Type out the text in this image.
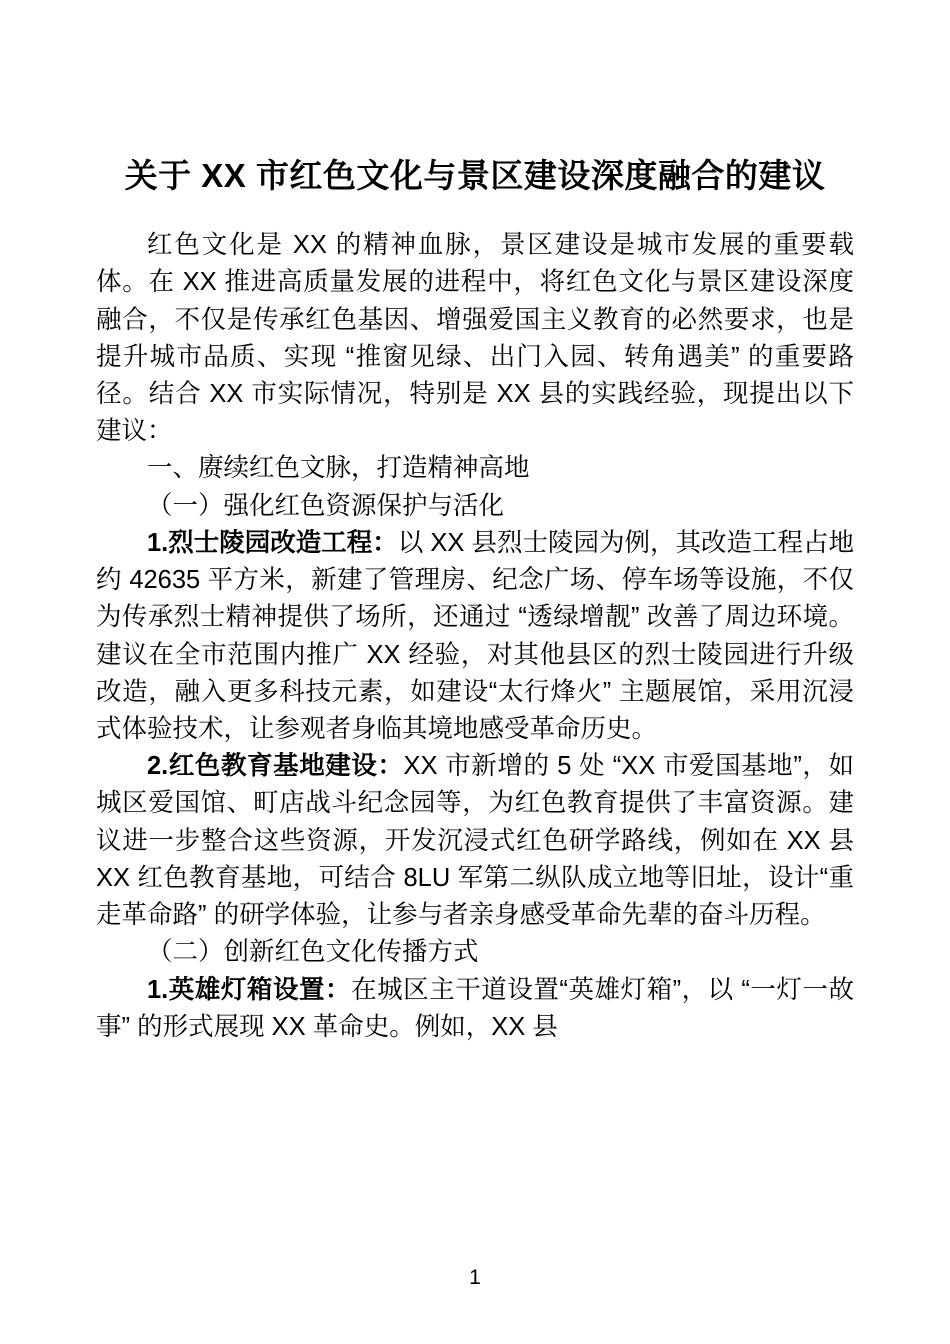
关于 XX 市红色文化与景区建设深度融合的建议

红色文化是 XX 的精神血脉，景区建设是城市发展的重要载体。在 XX 推进高质量发展的进程中，将红色文化与景区建设深度融合，不仅是传承红色基因、增强爱国主义教育的必然要求，也是提升城市品质、实现 “推窗见绿、出门入园、转角遇美” 的重要路径。结合 XX 市实际情况，特别是 XX 县的实践经验，现提出以下建议：

一、赓续红色文脉，打造精神高地

（一）强化红色资源保护与活化

1.烈士陵园改造工程：以 XX 县烈士陵园为例，其改造工程占地约 42635 平方米，新建了管理房、纪念广场、停车场等设施，不仅为传承烈士精神提供了场所，还通过 “透绿增靓” 改善了周边环境。建议在全市范围内推广 XX 经验，对其他县区的烈士陵园进行升级改造，融入更多科技元素，如建设“太行烽火” 主题展馆，采用沉浸式体验技术，让参观者身临其境地感受革命历史。

2.红色教育基地建设：XX 市新增的 5 处 “XX 市爱国基地”，如城区爱国馆、町店战斗纪念园等，为红色教育提供了丰富资源。建议进一步整合这些资源，开发沉浸式红色研学路线，例如在 XX 县 XX 红色教育基地，可结合 8LU 军第二纵队成立地等旧址，设计“重走革命路” 的研学体验，让参与者亲身感受革命先辈的奋斗历程。

（二）创新红色文化传播方式

1.英雄灯箱设置：在城区主干道设置“英雄灯箱”，以 “一灯一故事” 的形式展现 XX 革命史。例如，XX 县

1
